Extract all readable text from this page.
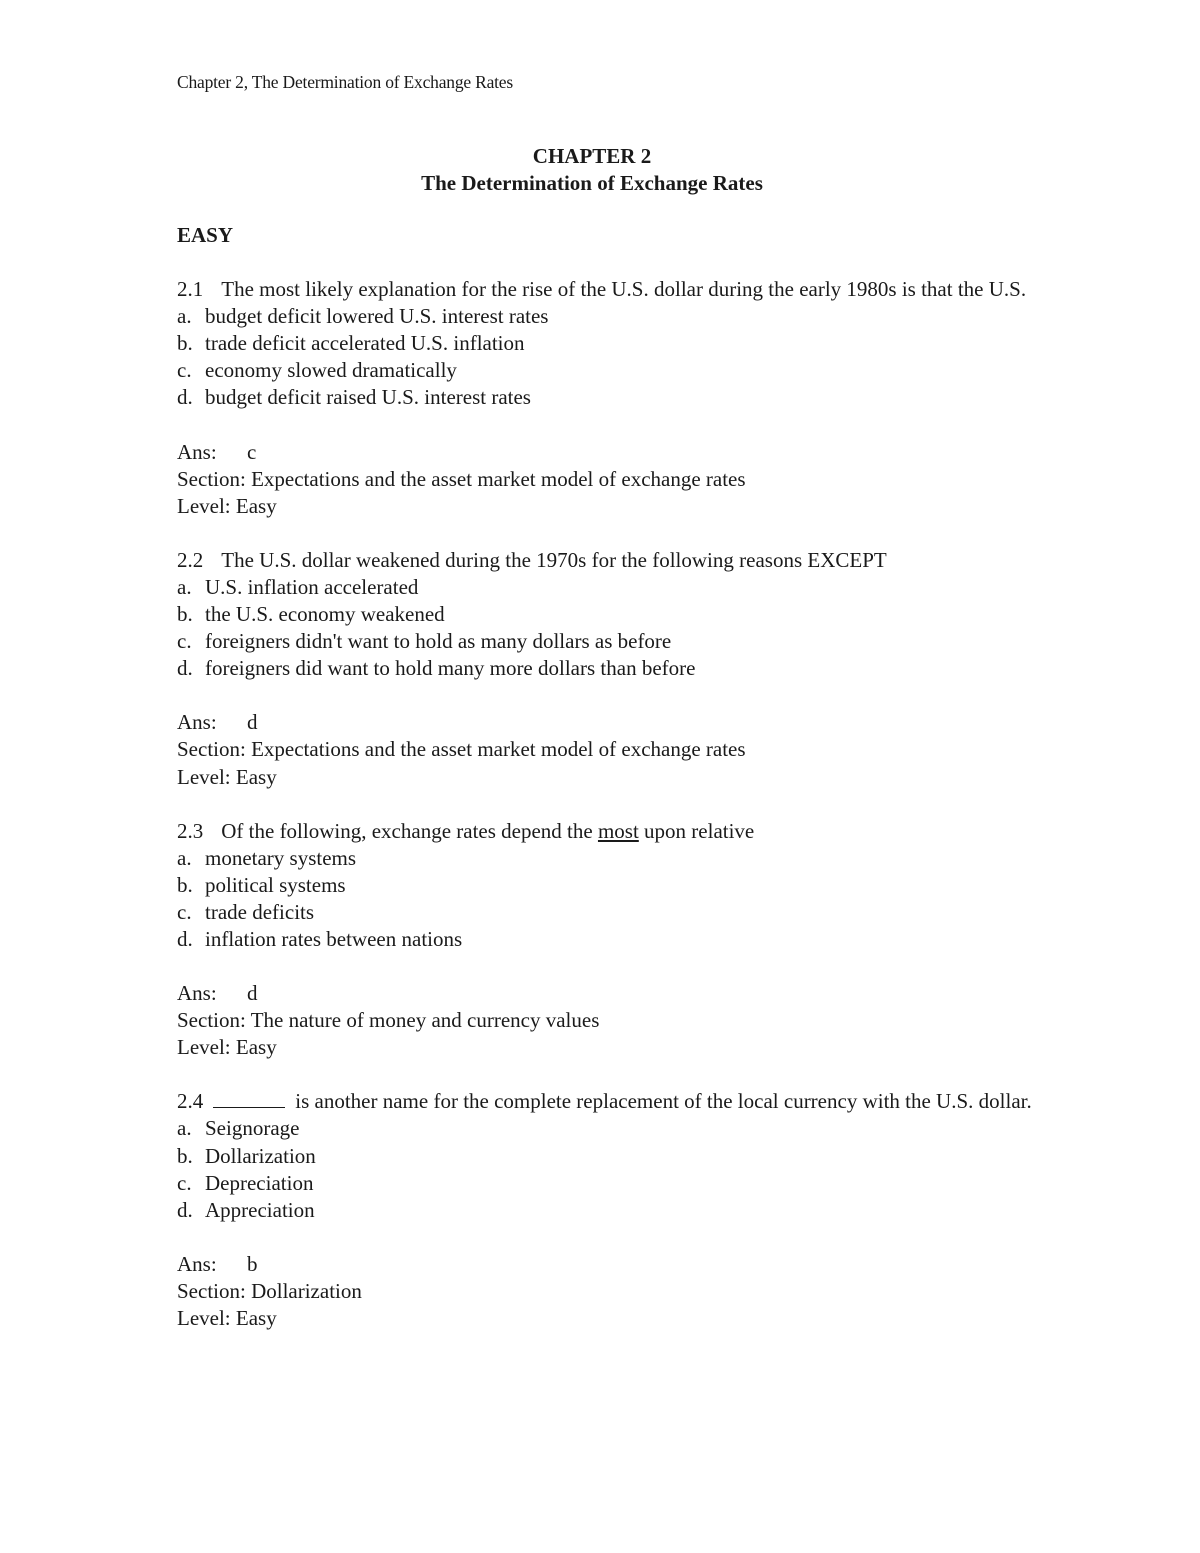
Chapter 2, The Determination of Exchange Rates
CHAPTER 2
The Determination of Exchange Rates
EASY
2.1 The most likely explanation for the rise of the U.S. dollar during the early 1980s is that the U.S.
a. budget deficit lowered U.S. interest rates
b. trade deficit accelerated U.S. inflation
c. economy slowed dramatically
d. budget deficit raised U.S. interest rates
Ans: c
Section: Expectations and the asset market model of exchange rates
Level: Easy
2.2 The U.S. dollar weakened during the 1970s for the following reasons EXCEPT
a. U.S. inflation accelerated
b. the U.S. economy weakened
c. foreigners didn't want to hold as many dollars as before
d. foreigners did want to hold many more dollars than before
Ans: d
Section: Expectations and the asset market model of exchange rates
Level: Easy
2.3 Of the following, exchange rates depend the most upon relative
a. monetary systems
b. political systems
c. trade deficits
d. inflation rates between nations
Ans: d
Section: The nature of money and currency values
Level: Easy
2.4	is another name for the complete replacement of the local currency with the U.S. dollar.
a. Seignorage
b. Dollarization
c. Depreciation
d. Appreciation
Ans: b
Section: Dollarization
Level: Easy
